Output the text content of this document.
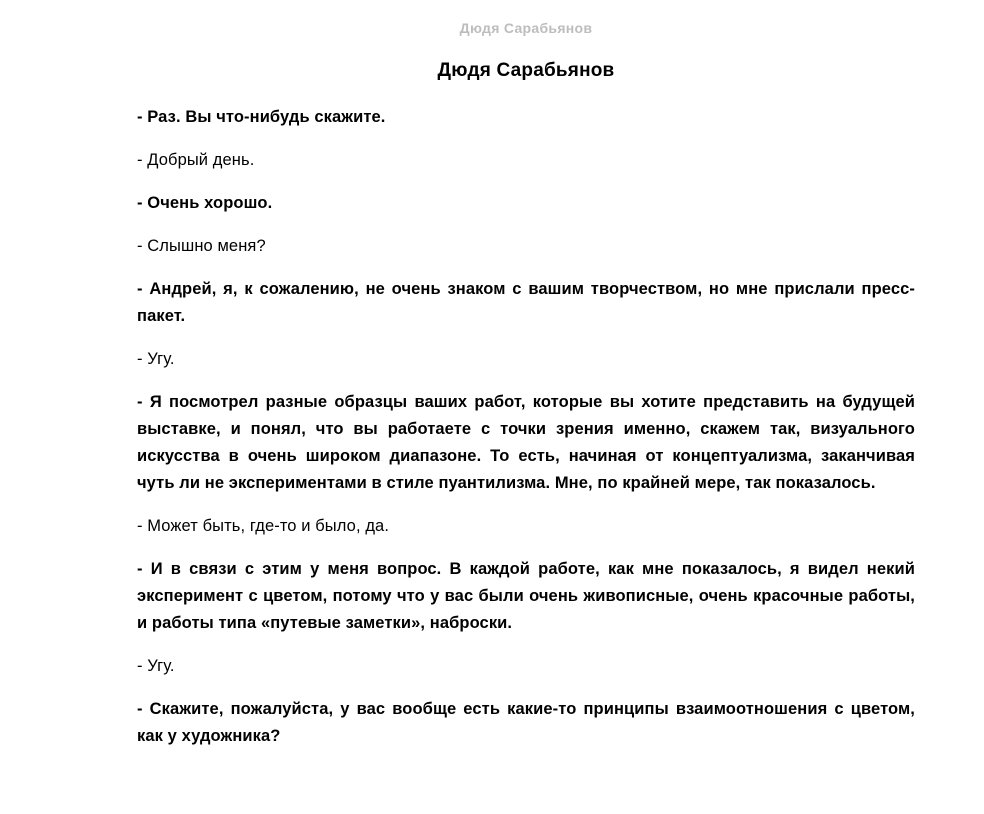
Дюдя Сарабьянов
Дюдя Сарабьянов

- Раз. Вы что-нибудь скажите.

- Добрый день.

- Очень хорошо.

- Слышно меня?

- Андрей, я, к сожалению, не очень знаком с вашим творчеством, но мне прислали пресс-пакет.

- Угу.

- Я посмотрел разные образцы ваших работ, которые вы хотите представить на будущей выставке, и понял, что вы работаете с точки зрения именно, скажем так, визуального искусства в очень широком диапазоне. То есть, начиная от концептуализма, заканчивая чуть ли не экспериментами в стиле пуантилизма. Мне, по крайней мере, так показалось.

- Может быть, где-то и было, да.

- И в связи с этим у меня вопрос. В каждой работе, как мне показалось, я видел некий эксперимент с цветом, потому что у вас были очень живописные, очень красочные работы, и работы типа «путевые заметки», наброски.

- Угу.

- Скажите, пожалуйста, у вас вообще есть какие-то принципы взаимоотношения с цветом, как у художника?
